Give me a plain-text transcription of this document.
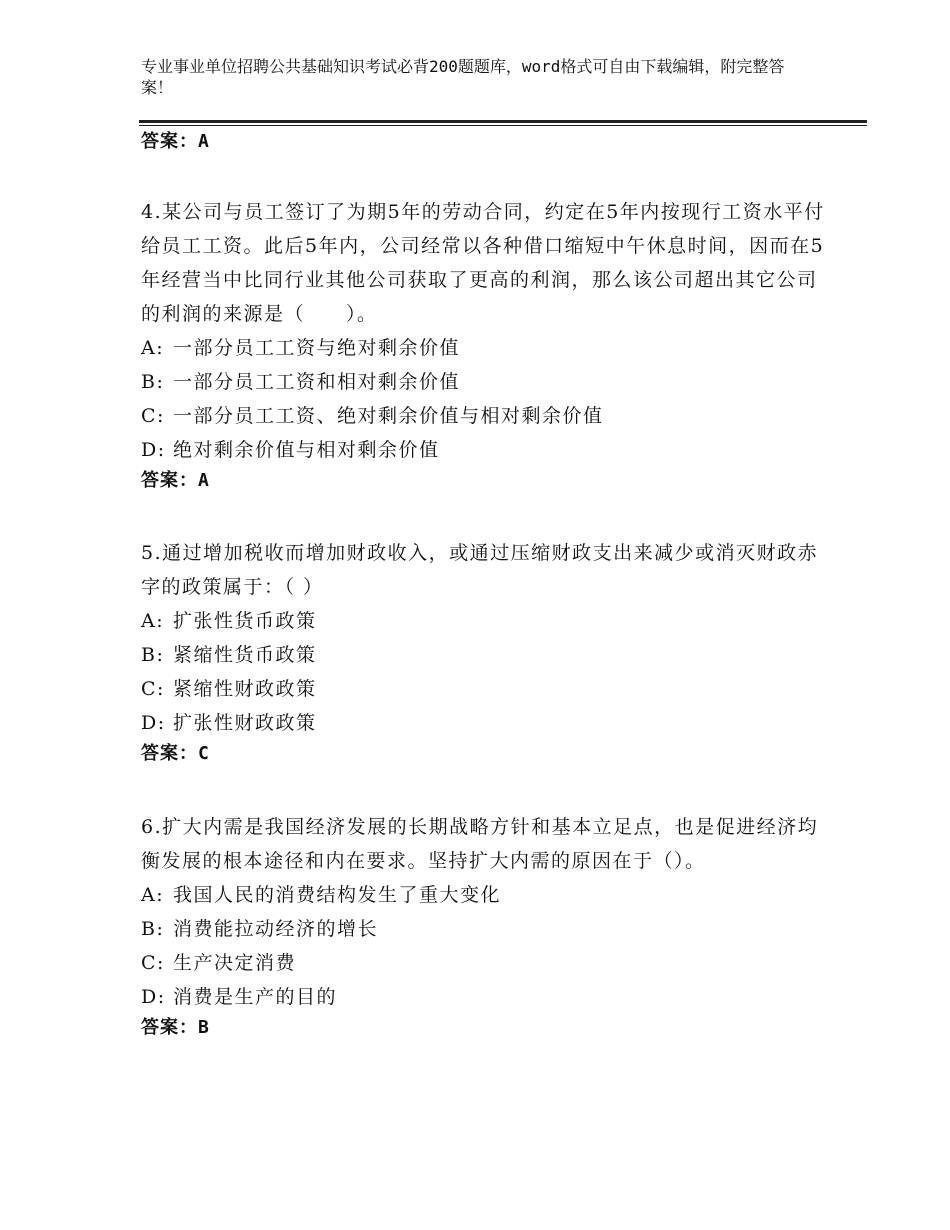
专业事业单位招聘公共基础知识考试必背200题题库，word格式可自由下载编辑，附完整答案！
答案：A
4.某公司与员工签订了为期5年的劳动合同，约定在5年内按现行工资水平付给员工工资。此后5年内，公司经常以各种借口缩短中午休息时间，因而在5年经营当中比同行业其他公司获取了更高的利润，那么该公司超出其它公司的利润的来源是（　　）。
A: 一部分员工工资与绝对剩余价值
B: 一部分员工工资和相对剩余价值
C: 一部分员工工资、绝对剩余价值与相对剩余价值
D: 绝对剩余价值与相对剩余价值
答案：A
5.通过增加税收而增加财政收入，或通过压缩财政支出来减少或消灭财政赤字的政策属于：（ ）
A: 扩张性货币政策
B: 紧缩性货币政策
C: 紧缩性财政政策
D: 扩张性财政政策
答案：C
6.扩大内需是我国经济发展的长期战略方针和基本立足点，也是促进经济均衡发展的根本途径和内在要求。坚持扩大内需的原因在于（）。
A: 我国人民的消费结构发生了重大变化
B: 消费能拉动经济的增长
C: 生产决定消费
D: 消费是生产的目的
答案：B
